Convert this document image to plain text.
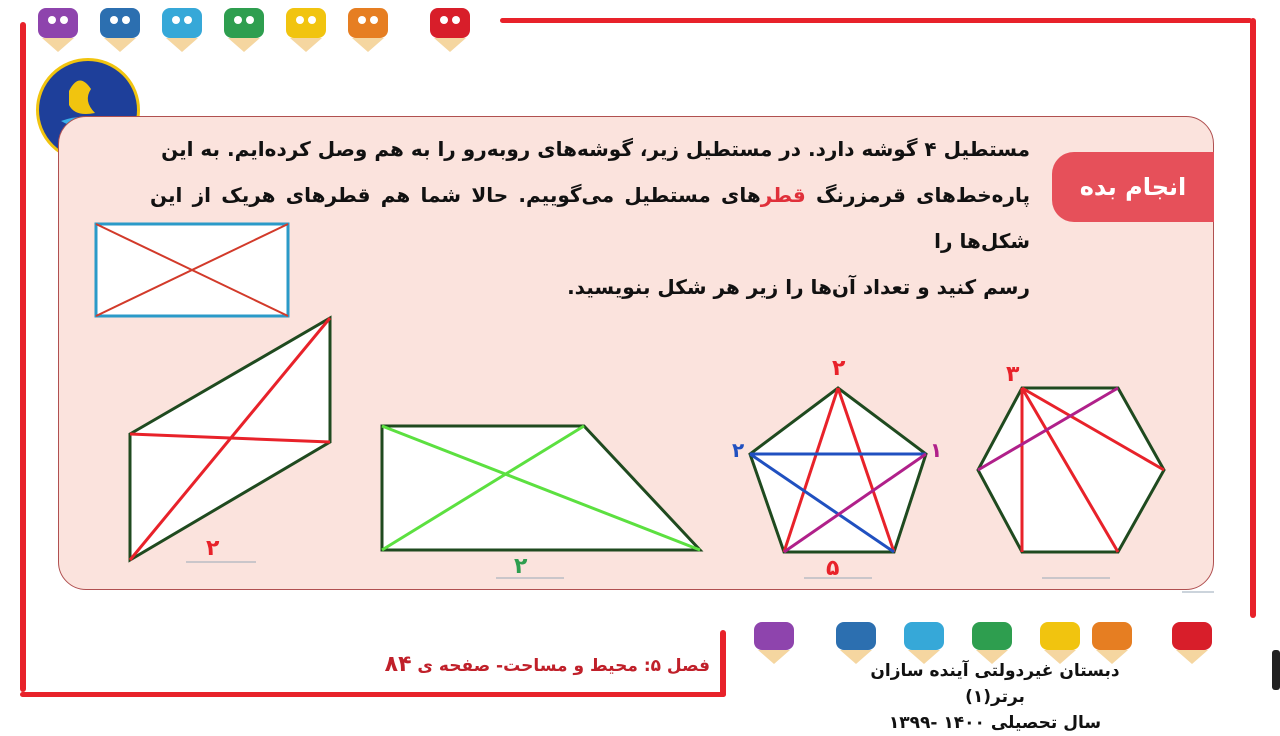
انجام بده

مستطیل ۴ گوشه دارد. در مستطیل زیر، گوشه‌های روبه‌رو را به هم وصل کرده‌ایم. به این

پاره‌خط‌های قرمزرنگ قطرهای مستطیل می‌گوییم. حالا شما هم قطرهای هریک از این شکل‌ها را

رسم کنید و تعداد آن‌ها را زیر هر شکل بنویسید.

۲
۲	۵
۲
۲	۱
۳
دبستان غیردولتی آینده سازان برتر(۱)
سال تحصیلی ۱۴۰۰ -۱۳۹۹
فصل ۵: محیط و مساحت- صفحه ی ۸۴
